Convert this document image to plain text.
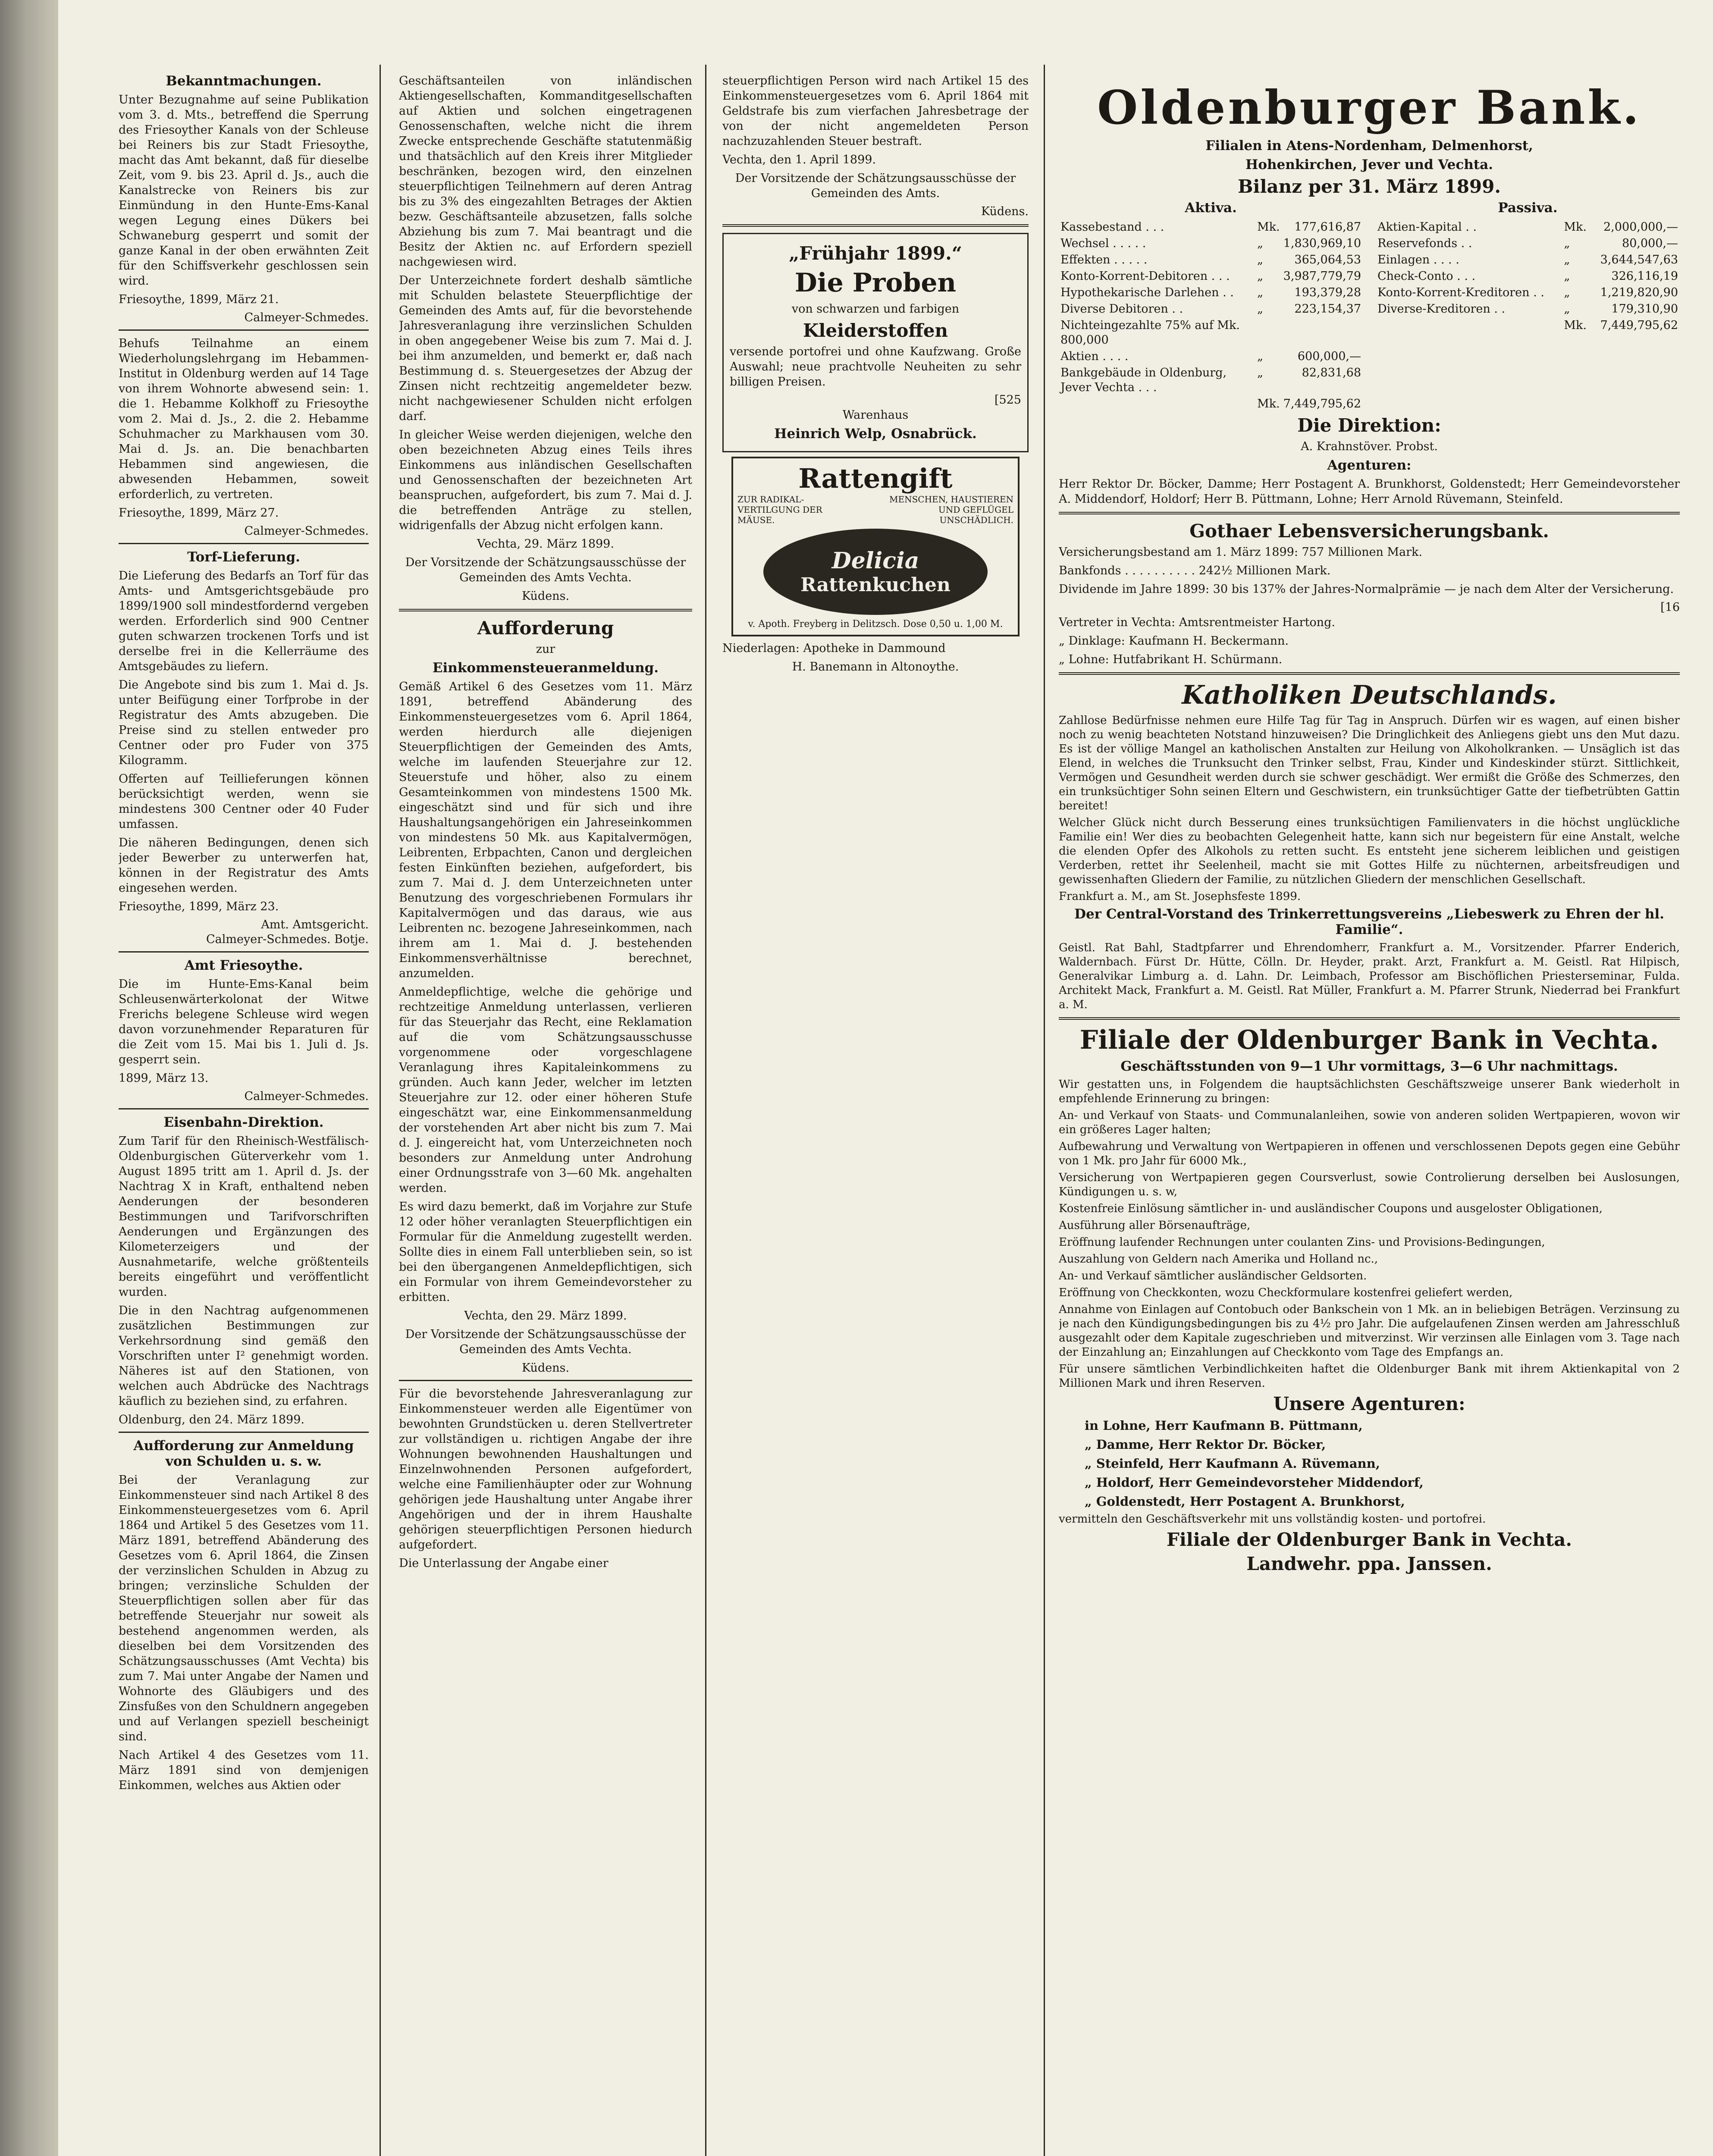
Bekanntmachungen.

Unter Bezugnahme auf seine Publikation vom 3. d. Mts., betreffend die Sperrung des Friesoyther Kanals von der Schleuse bei Reiners bis zur Stadt Friesoythe, macht das Amt bekannt, daß für dieselbe Zeit, vom 9. bis 23. April d. Js., auch die Kanalstrecke von Reiners bis zur Einmündung in den Hunte-Ems-Kanal wegen Legung eines Dükers bei Schwaneburg gesperrt und somit der ganze Kanal in der oben erwähnten Zeit für den Schiffsverkehr geschlossen sein wird.

Friesoythe, 1899, März 21.

Calmeyer-Schmedes.

Behufs Teilnahme an einem Wiederholungslehrgang im Hebammen-Institut in Oldenburg werden auf 14 Tage von ihrem Wohnorte abwesend sein: 1. die 1. Hebamme Kolkhoff zu Friesoythe vom 2. Mai d. Js., 2. die 2. Hebamme Schuhmacher zu Markhausen vom 30. Mai d. Js. an. Die benachbarten Hebammen sind angewiesen, die abwesenden Hebammen, soweit erforderlich, zu vertreten.

Friesoythe, 1899, März 27.

Calmeyer-Schmedes.
Torf-Lieferung.

Die Lieferung des Bedarfs an Torf für das Amts- und Amtsgerichtsgebäude pro 1899/1900 soll mindestfordernd vergeben werden. Erforderlich sind 900 Centner guten schwarzen trockenen Torfs und ist derselbe frei in die Kellerräume des Amtsgebäudes zu liefern.

Die Angebote sind bis zum 1. Mai d. Js. unter Beifügung einer Torfprobe in der Registratur des Amts abzugeben. Die Preise sind zu stellen entweder pro Centner oder pro Fuder von 375 Kilogramm.

Offerten auf Teillieferungen können berücksichtigt werden, wenn sie mindestens 300 Centner oder 40 Fuder umfassen.

Die näheren Bedingungen, denen sich jeder Bewerber zu unterwerfen hat, können in der Registratur des Amts eingesehen werden.

Friesoythe, 1899, März 23.

Amt. Amtsgericht.
Calmeyer-Schmedes. Botje.
Amt Friesoythe.

Die im Hunte-Ems-Kanal beim Schleusenwärterkolonat der Witwe Frerichs belegene Schleuse wird wegen davon vorzunehmender Reparaturen für die Zeit vom 15. Mai bis 1. Juli d. Js. gesperrt sein.

1899, März 13.

Calmeyer-Schmedes.
Eisenbahn-Direktion.

Zum Tarif für den Rheinisch-Westfälisch-Oldenburgischen Güterverkehr vom 1. August 1895 tritt am 1. April d. Js. der Nachtrag X in Kraft, enthaltend neben Aenderungen der besonderen Bestimmungen und Tarifvorschriften Aenderungen und Ergänzungen des Kilometerzeigers und der Ausnahmetarife, welche größtenteils bereits eingeführt und veröffentlicht wurden.

Die in den Nachtrag aufgenommenen zusätzlichen Bestimmungen zur Verkehrsordnung sind gemäß den Vorschriften unter I² genehmigt worden. Näheres ist auf den Stationen, von welchen auch Abdrücke des Nachtrags käuflich zu beziehen sind, zu erfahren.

Oldenburg, den 24. März 1899.

Aufforderung zur Anmeldung von Schulden u. s. w.

Bei der Veranlagung zur Einkommensteuer sind nach Artikel 8 des Einkommensteuergesetzes vom 6. April 1864 und Artikel 5 des Gesetzes vom 11. März 1891, betreffend Abänderung des Gesetzes vom 6. April 1864, die Zinsen der verzinslichen Schulden in Abzug zu bringen; verzinsliche Schulden der Steuerpflichtigen sollen aber für das betreffende Steuerjahr nur soweit als bestehend angenommen werden, als dieselben bei dem Vorsitzenden des Schätzungsausschusses (Amt Vechta) bis zum 7. Mai unter Angabe der Namen und Wohnorte des Gläubigers und des Zinsfußes von den Schuldnern angegeben und auf Verlangen speziell bescheinigt sind.

Nach Artikel 4 des Gesetzes vom 11. März 1891 sind von demjenigen Einkommen, welches aus Aktien oder

Geschäftsanteilen von inländischen Aktiengesellschaften, Kommanditgesellschaften auf Aktien und solchen eingetragenen Genossenschaften, welche nicht die ihrem Zwecke entsprechende Geschäfte statutenmäßig und thatsächlich auf den Kreis ihrer Mitglieder beschränken, bezogen wird, den einzelnen steuerpflichtigen Teilnehmern auf deren Antrag bis zu 3% des eingezahlten Betrages der Aktien bezw. Geschäftsanteile abzusetzen, falls solche Abziehung bis zum 7. Mai beantragt und die Besitz der Aktien nc. auf Erfordern speziell nachgewiesen wird.

Der Unterzeichnete fordert deshalb sämtliche mit Schulden belastete Steuerpflichtige der Gemeinden des Amts auf, für die bevorstehende Jahresveranlagung ihre verzinslichen Schulden in oben angegebener Weise bis zum 7. Mai d. J. bei ihm anzumelden, und bemerkt er, daß nach Bestimmung d. s. Steuergesetzes der Abzug der Zinsen nicht rechtzeitig angemeldeter bezw. nicht nachgewiesener Schulden nicht erfolgen darf.

In gleicher Weise werden diejenigen, welche den oben bezeichneten Abzug eines Teils ihres Einkommens aus inländischen Gesellschaften und Genossenschaften der bezeichneten Art beanspruchen, aufgefordert, bis zum 7. Mai d. J. die betreffenden Anträge zu stellen, widrigenfalls der Abzug nicht erfolgen kann.

Vechta, 29. März 1899.

Der Vorsitzende der Schätzungsausschüsse der Gemeinden des Amts Vechta.

Küdens.

Aufforderung

zur

Einkommensteueranmeldung.

Gemäß Artikel 6 des Gesetzes vom 11. März 1891, betreffend Abänderung des Einkommensteuergesetzes vom 6. April 1864, werden hierdurch alle diejenigen Steuerpflichtigen der Gemeinden des Amts, welche im laufenden Steuerjahre zur 12. Steuerstufe und höher, also zu einem Gesamteinkommen von mindestens 1500 Mk. eingeschätzt sind und für sich und ihre Haushaltungsangehörigen ein Jahreseinkommen von mindestens 50 Mk. aus Kapitalvermögen, Leibrenten, Erbpachten, Canon und dergleichen festen Einkünften beziehen, aufgefordert, bis zum 7. Mai d. J. dem Unterzeichneten unter Benutzung des vorgeschriebenen Formulars ihr Kapitalvermögen und das daraus, wie aus Leibrenten nc. bezogene Jahreseinkommen, nach ihrem am 1. Mai d. J. bestehenden Einkommensverhältnisse berechnet, anzumelden.

Anmeldepflichtige, welche die gehörige und rechtzeitige Anmeldung unterlassen, verlieren für das Steuerjahr das Recht, eine Reklamation auf die vom Schätzungsausschusse vorgenommene oder vorgeschlagene Veranlagung ihres Kapitaleinkommens zu gründen. Auch kann Jeder, welcher im letzten Steuerjahre zur 12. oder einer höheren Stufe eingeschätzt war, eine Einkommensanmeldung der vorstehenden Art aber nicht bis zum 7. Mai d. J. eingereicht hat, vom Unterzeichneten noch besonders zur Anmeldung unter Androhung einer Ordnungsstrafe von 3—60 Mk. angehalten werden.

Es wird dazu bemerkt, daß im Vorjahre zur Stufe 12 oder höher veranlagten Steuerpflichtigen ein Formular für die Anmeldung zugestellt werden. Sollte dies in einem Fall unterblieben sein, so ist bei den übergangenen Anmeldepflichtigen, sich ein Formular von ihrem Gemeindevorsteher zu erbitten.

Vechta, den 29. März 1899.

Der Vorsitzende der Schätzungsausschüsse der Gemeinden des Amts Vechta.

Küdens.

Für die bevorstehende Jahresveranlagung zur Einkommensteuer werden alle Eigentümer von bewohnten Grundstücken u. deren Stellvertreter zur vollständigen u. richtigen Angabe der ihre Wohnungen bewohnenden Haushaltungen und Einzelnwohnenden Personen aufgefordert, welche eine Familienhäupter oder zur Wohnung gehörigen jede Haushaltung unter Angabe ihrer Angehörigen und der in ihrem Haushalte gehörigen steuerpflichtigen Personen hiedurch aufgefordert.

Die Unterlassung der Angabe einer

steuerpflichtigen Person wird nach Artikel 15 des Einkommensteuergesetzes vom 6. April 1864 mit Geldstrafe bis zum vierfachen Jahresbetrage der von der nicht angemeldeten Person nachzuzahlenden Steuer bestraft.

Vechta, den 1. April 1899.

Der Vorsitzende der Schätzungsausschüsse der Gemeinden des Amts.

Küdens.
„Frühjahr 1899.“
Die Proben

von schwarzen und farbigen

Kleiderstoffen

versende portofrei und ohne Kaufzwang. Große Auswahl; neue prachtvolle Neuheiten zu sehr billigen Preisen.

[525

Warenhaus

Heinrich Welp, Osnabrück.
Rattengift
ZUR RADIKAL-VERTILGUNG DER MÄUSE.
MENSCHEN, HAUSTIEREN UND GEFLÜGEL UNSCHÄDLICH.
Delicia
Rattenkuchen
v. Apoth. Freyberg in Delitzsch. Dose 0,50 u. 1,00 M.

Niederlagen: Apotheke in Dammound

H. Banemann in Altonoythe.

Oldenburger Bank.
Filialen in Atens-Nordenham, Delmenhorst,
Hohenkirchen, Jever und Vechta.
Bilanz per 31. März 1899.
Aktiva.
Kassebestand . . .	Mk.	177,616,87
Wechsel . . . . .	„	1,830,969,10
Effekten . . . . .	„	365,064,53
Konto-Korrent-Debitoren . . .	„	3,987,779,79
Hypothekarische Darlehen . .	„	193,379,28
Diverse Debitoren . .	„	223,154,37
Nichteingezahlte 75% auf Mk. 800,000		
Aktien . . . .	„	600,000,—
Bankgebäude in Oldenburg, Jever Vechta . . .	„	82,831,68
	Mk.	7,449,795,62
Passiva.
Aktien-Kapital . .	Mk.	2,000,000,—
Reservefonds . .	„	80,000,—
Einlagen . . . .	„	3,644,547,63
Check-Conto . . .	„	326,116,19
Konto-Korrent-Kreditoren . .	„	1,219,820,90
Diverse-Kreditoren . .	„	179,310,90
	Mk.	7,449,795,62
Die Direktion:

A. Krahnstöver. Probst.

Agenturen:

Herr Rektor Dr. Böcker, Damme; Herr Postagent A. Brunkhorst, Goldenstedt; Herr Gemeindevorsteher A. Middendorf, Holdorf; Herr B. Püttmann, Lohne; Herr Arnold Rüvemann, Steinfeld.

Gothaer Lebensversicherungsbank.

Versicherungsbestand am 1. März 1899: 757 Millionen Mark.

Bankfonds . . . . . . . . . . 242½ Millionen Mark.

Dividende im Jahre 1899: 30 bis 137% der Jahres-Normalprämie — je nach dem Alter der Versicherung.

[16

Vertreter in Vechta: Amtsrentmeister Hartong.

„ Dinklage: Kaufmann H. Beckermann.

„ Lohne: Hutfabrikant H. Schürmann.

Katholiken Deutschlands.

Zahllose Bedürfnisse nehmen eure Hilfe Tag für Tag in Anspruch. Dürfen wir es wagen, auf einen bisher noch zu wenig beachteten Notstand hinzuweisen? Die Dringlichkeit des Anliegens giebt uns den Mut dazu. Es ist der völlige Mangel an katholischen Anstalten zur Heilung von Alkoholkranken. — Unsäglich ist das Elend, in welches die Trunksucht den Trinker selbst, Frau, Kinder und Kindeskinder stürzt. Sittlichkeit, Vermögen und Gesundheit werden durch sie schwer geschädigt. Wer ermißt die Größe des Schmerzes, den ein trunksüchtiger Sohn seinen Eltern und Geschwistern, ein trunksüchtiger Gatte der tiefbetrübten Gattin bereitet!

Welcher Glück nicht durch Besserung eines trunksüchtigen Familienvaters in die höchst unglückliche Familie ein! Wer dies zu beobachten Gelegenheit hatte, kann sich nur begeistern für eine Anstalt, welche die elenden Opfer des Alkohols zu retten sucht. Es entsteht jene sicherem leiblichen und geistigen Verderben, rettet ihr Seelenheil, macht sie mit Gottes Hilfe zu nüchternen, arbeitsfreudigen und gewissenhaften Gliedern der Familie, zu nützlichen Gliedern der menschlichen Gesellschaft.

Frankfurt a. M., am St. Josephsfeste 1899.

Der Central-Vorstand des Trinkerrettungsvereins „Liebeswerk zu Ehren der hl. Familie“.

Geistl. Rat Bahl, Stadtpfarrer und Ehrendomherr, Frankfurt a. M., Vorsitzender. Pfarrer Enderich, Waldernbach. Fürst Dr. Hütte, Cölln. Dr. Heyder, prakt. Arzt, Frankfurt a. M. Geistl. Rat Hilpisch, Generalvikar Limburg a. d. Lahn. Dr. Leimbach, Professor am Bischöflichen Priesterseminar, Fulda. Architekt Mack, Frankfurt a. M. Geistl. Rat Müller, Frankfurt a. M. Pfarrer Strunk, Niederrad bei Frankfurt a. M.

Filiale der Oldenburger Bank in Vechta.
Geschäftsstunden von 9—1 Uhr vormittags, 3—6 Uhr nachmittags.

Wir gestatten uns, in Folgendem die hauptsächlichsten Geschäftszweige unserer Bank wiederholt in empfehlende Erinnerung zu bringen:

An- und Verkauf von Staats- und Communalanleihen, sowie von anderen soliden Wertpapieren, wovon wir ein größeres Lager halten;

Aufbewahrung und Verwaltung von Wertpapieren in offenen und verschlossenen Depots gegen eine Gebühr von 1 Mk. pro Jahr für 6000 Mk.,

Versicherung von Wertpapieren gegen Coursverlust, sowie Controlierung derselben bei Auslosungen, Kündigungen u. s. w,

Kostenfreie Einlösung sämtlicher in- und ausländischer Coupons und ausgeloster Obligationen,

Ausführung aller Börsenaufträge,

Eröffnung laufender Rechnungen unter coulanten Zins- und Provisions-Bedingungen,

Auszahlung von Geldern nach Amerika und Holland nc.,

An- und Verkauf sämtlicher ausländischer Geldsorten.

Eröffnung von Checkkonten, wozu Checkformulare kostenfrei geliefert werden,

Annahme von Einlagen auf Contobuch oder Bankschein von 1 Mk. an in beliebigen Beträgen. Verzinsung zu je nach den Kündigungsbedingungen bis zu 4½ pro Jahr. Die aufgelaufenen Zinsen werden am Jahresschluß ausgezahlt oder dem Kapitale zugeschrieben und mitverzinst. Wir verzinsen alle Einlagen vom 3. Tage nach der Einzahlung an; Einzahlungen auf Checkkonto vom Tage des Empfangs an.

Für unsere sämtlichen Verbindlichkeiten haftet die Oldenburger Bank mit ihrem Aktienkapital von 2 Millionen Mark und ihren Reserven.

Unsere Agenturen:

in Lohne, Herr Kaufmann B. Püttmann,

„ Damme, Herr Rektor Dr. Böcker,

„ Steinfeld, Herr Kaufmann A. Rüvemann,

„ Holdorf, Herr Gemeindevorsteher Middendorf,

„ Goldenstedt, Herr Postagent A. Brunkhorst,

vermitteln den Geschäftsverkehr mit uns vollständig kosten- und portofrei.

Filiale der Oldenburger Bank in Vechta.
Landwehr. ppa. Janssen.
